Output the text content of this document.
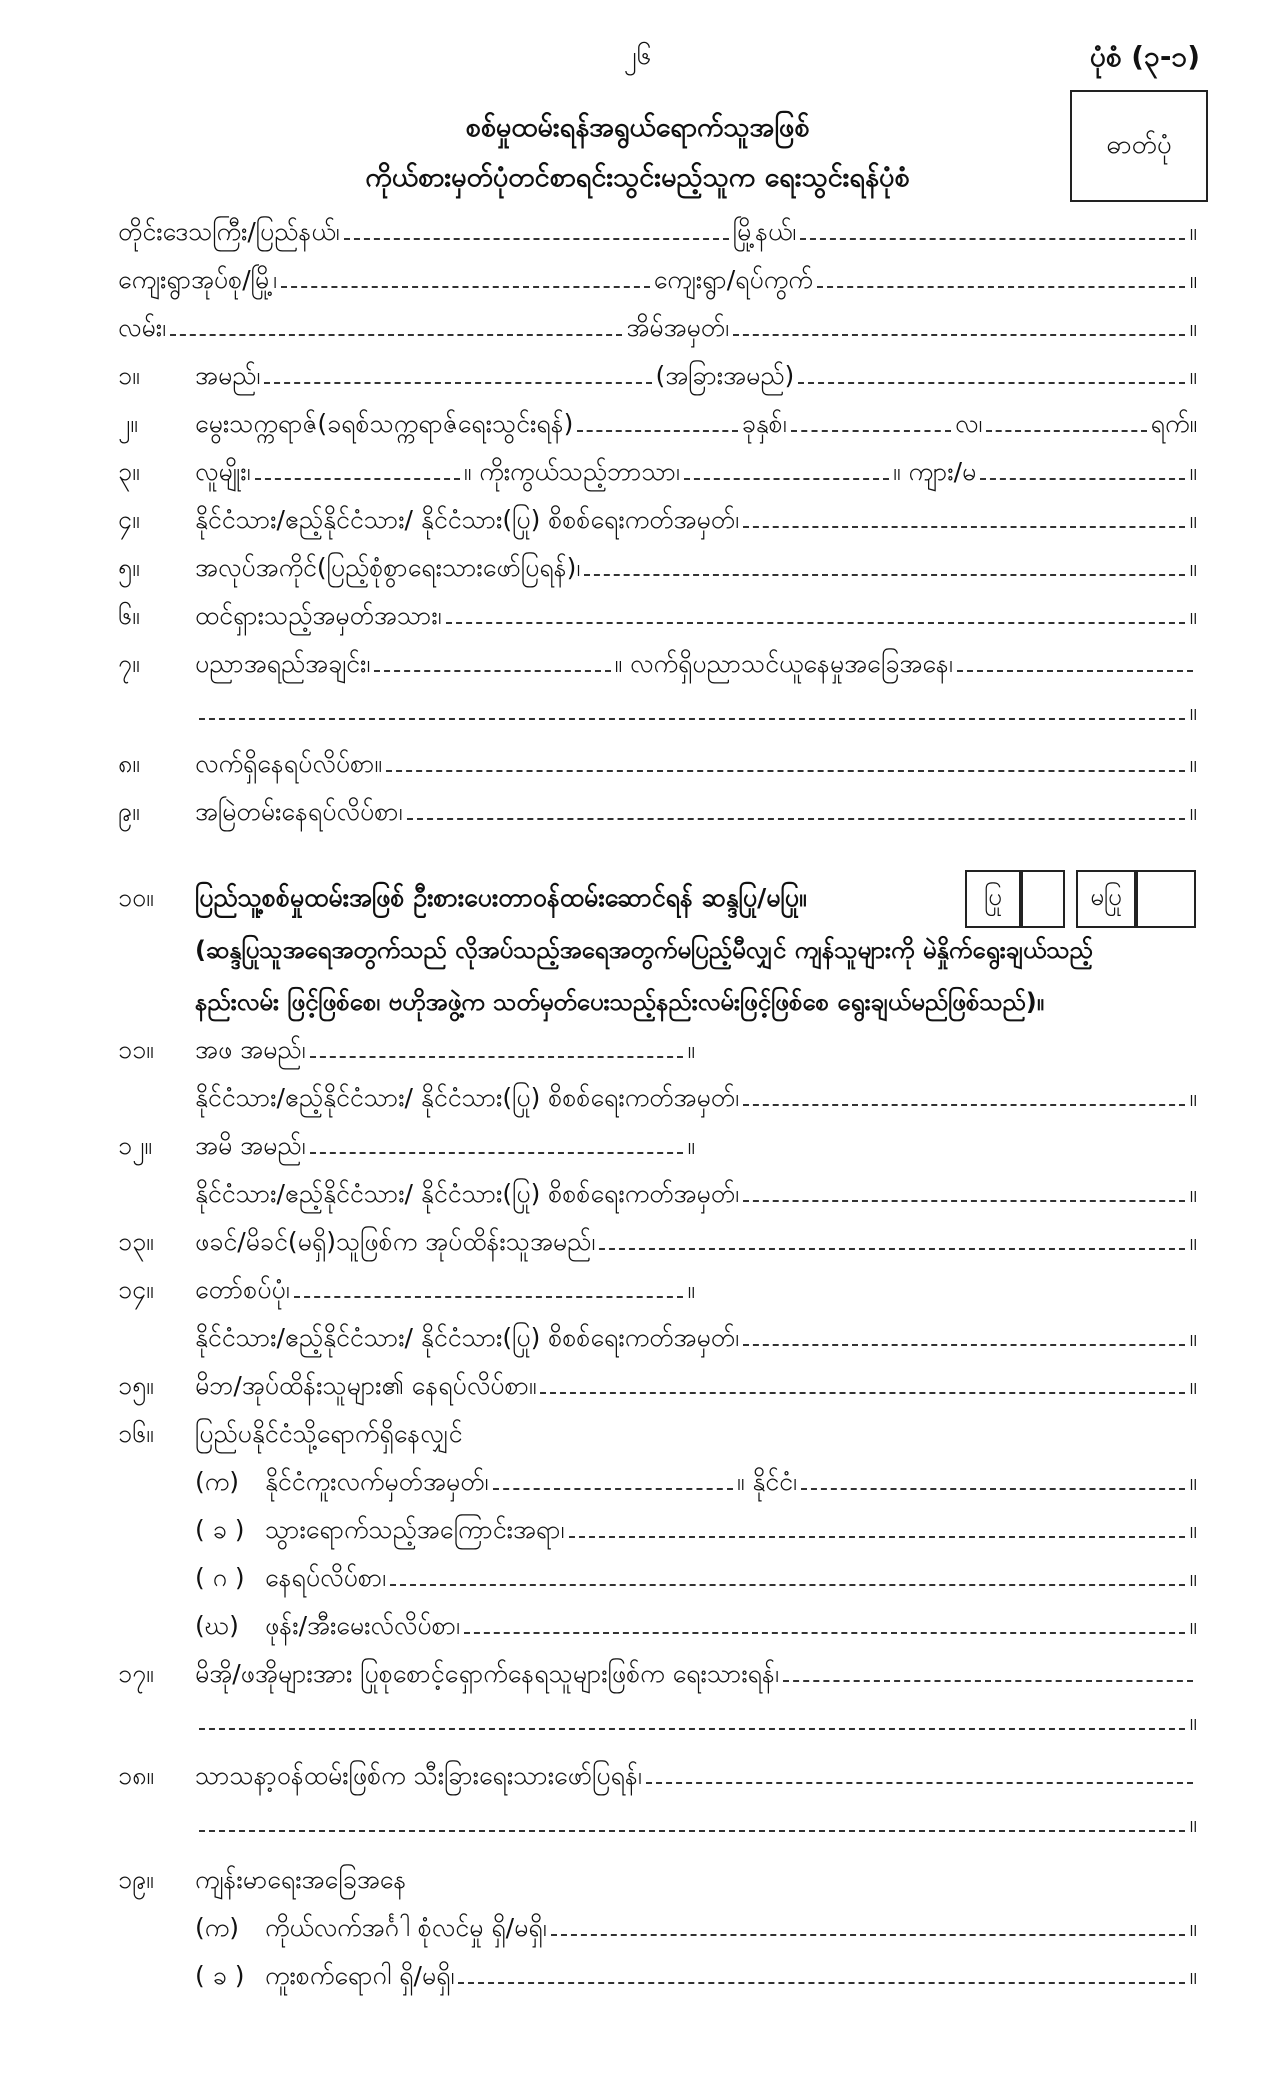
၂၆	ပုံစံ (၃-၁)
ဓာတ်ပုံ
စစ်မှုထမ်းရန်အရွယ်ရောက်သူအဖြစ်
ကိုယ်စားမှတ်ပုံတင်စာရင်းသွင်းမည့်သူက ရေးသွင်းရန်ပုံစံ
တိုင်းဒေသကြီး/ပြည်နယ်၊	မြို့နယ်၊	။
ကျေးရွာအုပ်စု/မြို့၊	ကျေးရွာ/ရပ်ကွက်	။
လမ်း၊	အိမ်အမှတ်၊	။
၁။	အမည်၊	(အခြားအမည်)	။
၂။	မွေးသက္ကရာဇ်(ခရစ်သက္ကရာဇ်ရေးသွင်းရန်)	ခုနှစ်၊	လ၊	ရက်။
၃။	လူမျိုး၊	။ ကိုးကွယ်သည့်ဘာသာ၊	။ ကျား/မ	။
၄။	နိုင်ငံသား/ဧည့်နိုင်ငံသား/ နိုင်ငံသား(ပြု) စိစစ်ရေးကတ်အမှတ်၊	။
၅။	အလုပ်အကိုင်(ပြည့်စုံစွာရေးသားဖော်ပြရန်)၊	။
၆။	ထင်ရှားသည့်အမှတ်အသား၊	။
၇။	ပညာအရည်အချင်း၊	။ လက်ရှိပညာသင်ယူနေမှုအခြေအနေ၊
။
၈။	လက်ရှိနေရပ်လိပ်စာ။	။
၉။	အမြဲတမ်းနေရပ်လိပ်စာ၊	။
၁၀။	ပြည်သူ့စစ်မှုထမ်းအဖြစ် ဦးစားပေးတာဝန်ထမ်းဆောင်ရန် ဆန္ဒပြု/မပြု။	ပြု	မပြု
(ဆန္ဒပြုသူအရေအတွက်သည် လိုအပ်သည့်အရေအတွက်မပြည့်မီလျှင် ကျန်သူများကို မဲနှိုက်ရွေးချယ်သည့်
နည်းလမ်း ဖြင့်ဖြစ်စေ၊ ဗဟိုအဖွဲ့က သတ်မှတ်ပေးသည့်နည်းလမ်းဖြင့်ဖြစ်စေ ရွေးချယ်မည်ဖြစ်သည်)။
၁၁။	အဖ အမည်၊	။
နိုင်ငံသား/ဧည့်နိုင်ငံသား/ နိုင်ငံသား(ပြု) စိစစ်ရေးကတ်အမှတ်၊	။
၁၂။	အမိ အမည်၊	။
နိုင်ငံသား/ဧည့်နိုင်ငံသား/ နိုင်ငံသား(ပြု) စိစစ်ရေးကတ်အမှတ်၊	။
၁၃။	ဖခင်/မိခင်(မရှိ)သူဖြစ်က အုပ်ထိန်းသူအမည်၊	။
၁၄။	တော်စပ်ပုံ၊	။
နိုင်ငံသား/ဧည့်နိုင်ငံသား/ နိုင်ငံသား(ပြု) စိစစ်ရေးကတ်အမှတ်၊	။
၁၅။	မိဘ/အုပ်ထိန်းသူများ၏ နေရပ်လိပ်စာ။	။
၁၆။	ပြည်ပနိုင်ငံသို့ရောက်ရှိနေလျှင်
(က)	နိုင်ငံကူးလက်မှတ်အမှတ်၊	။ နိုင်ငံ၊	။
( ခ ) သွားရောက်သည့်အကြောင်းအရာ၊	။
( ဂ ) နေရပ်လိပ်စာ၊	။
(ဃ)	ဖုန်း/အီးမေးလ်လိပ်စာ၊	။
၁၇။	မိအို/ဖအိုများအား ပြုစုစောင့်ရှောက်နေရသူများဖြစ်က ရေးသားရန်၊
။
၁၈။	သာသနာ့ဝန်ထမ်းဖြစ်က သီးခြားရေးသားဖော်ပြရန်၊
။
၁၉။	ကျန်းမာရေးအခြေအနေ
(က)	ကိုယ်လက်အင်္ဂါ စုံလင်မှု ရှိ/မရှိ၊	။
( ခ ) ကူးစက်ရောဂါ ရှိ/မရှိ၊	။
